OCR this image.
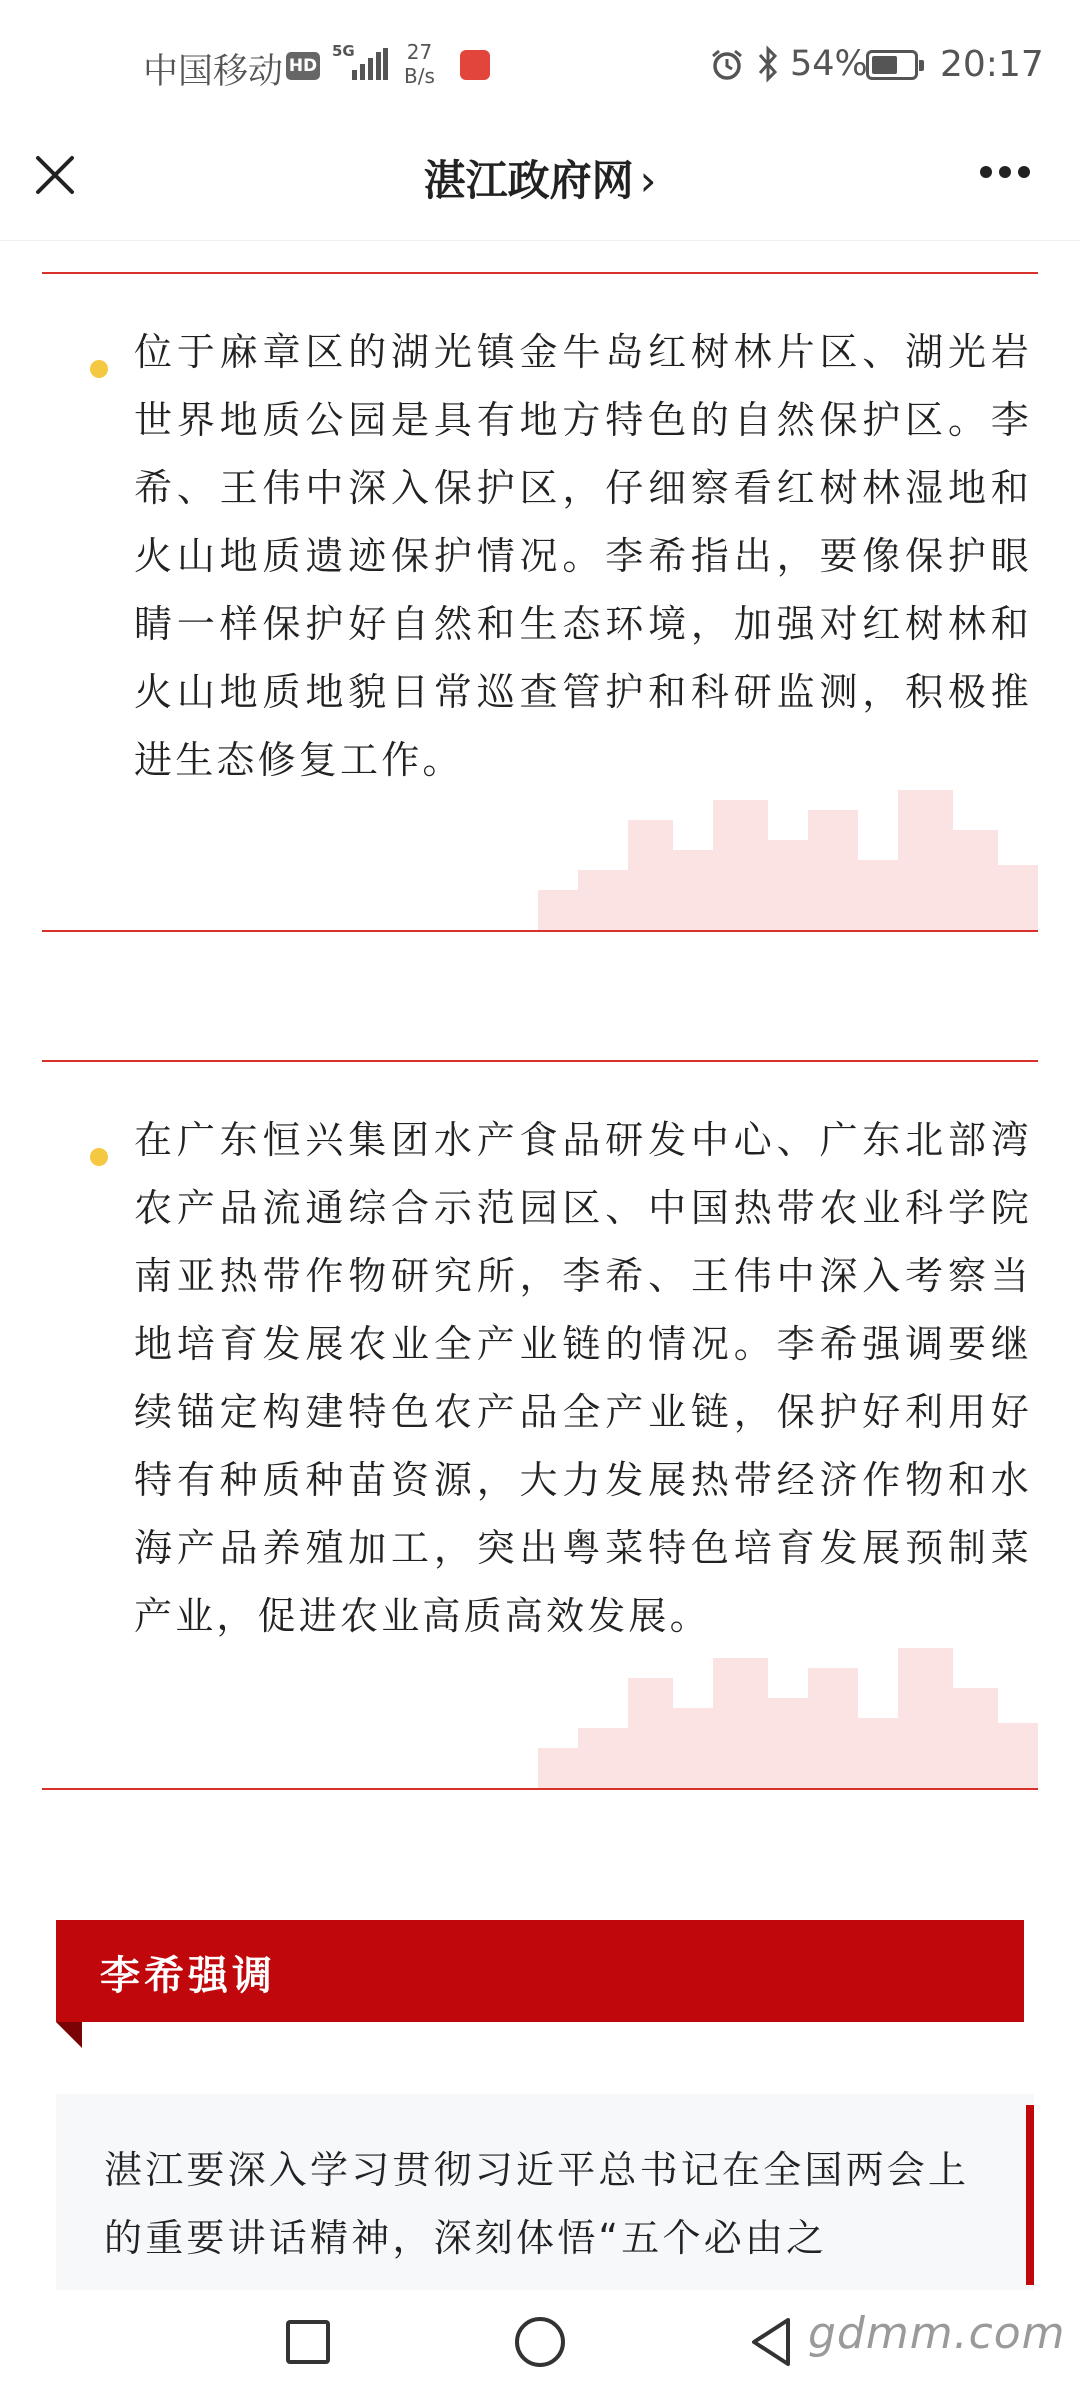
中国移动 HD
5G	27
B/s	54% 20:17
湛江政府网 ›
位于麻章区的湖光镇金牛岛红树林片区、湖光岩世界地质公园是具有地方特色的自然保护区。李希、王伟中深入保护区，仔细察看红树林湿地和火山地质遗迹保护情况。李希指出，要像保护眼睛一样保护好自然和生态环境，加强对红树林和火山地质地貌日常巡查管护和科研监测，积极推进生态修复工作。
在广东恒兴集团水产食品研发中心、广东北部湾农产品流通综合示范园区、中国热带农业科学院南亚热带作物研究所，李希、王伟中深入考察当地培育发展农业全产业链的情况。李希强调要继续锚定构建特色农产品全产业链，保护好利用好特有种质种苗资源，大力发展热带经济作物和水海产品养殖加工，突出粤菜特色培育发展预制菜产业，促进农业高质高效发展。
李希强调
湛江要深入学习贯彻习近平总书记在全国两会上的重要讲话精神，深刻体悟“五个必由之
gdmm.com
